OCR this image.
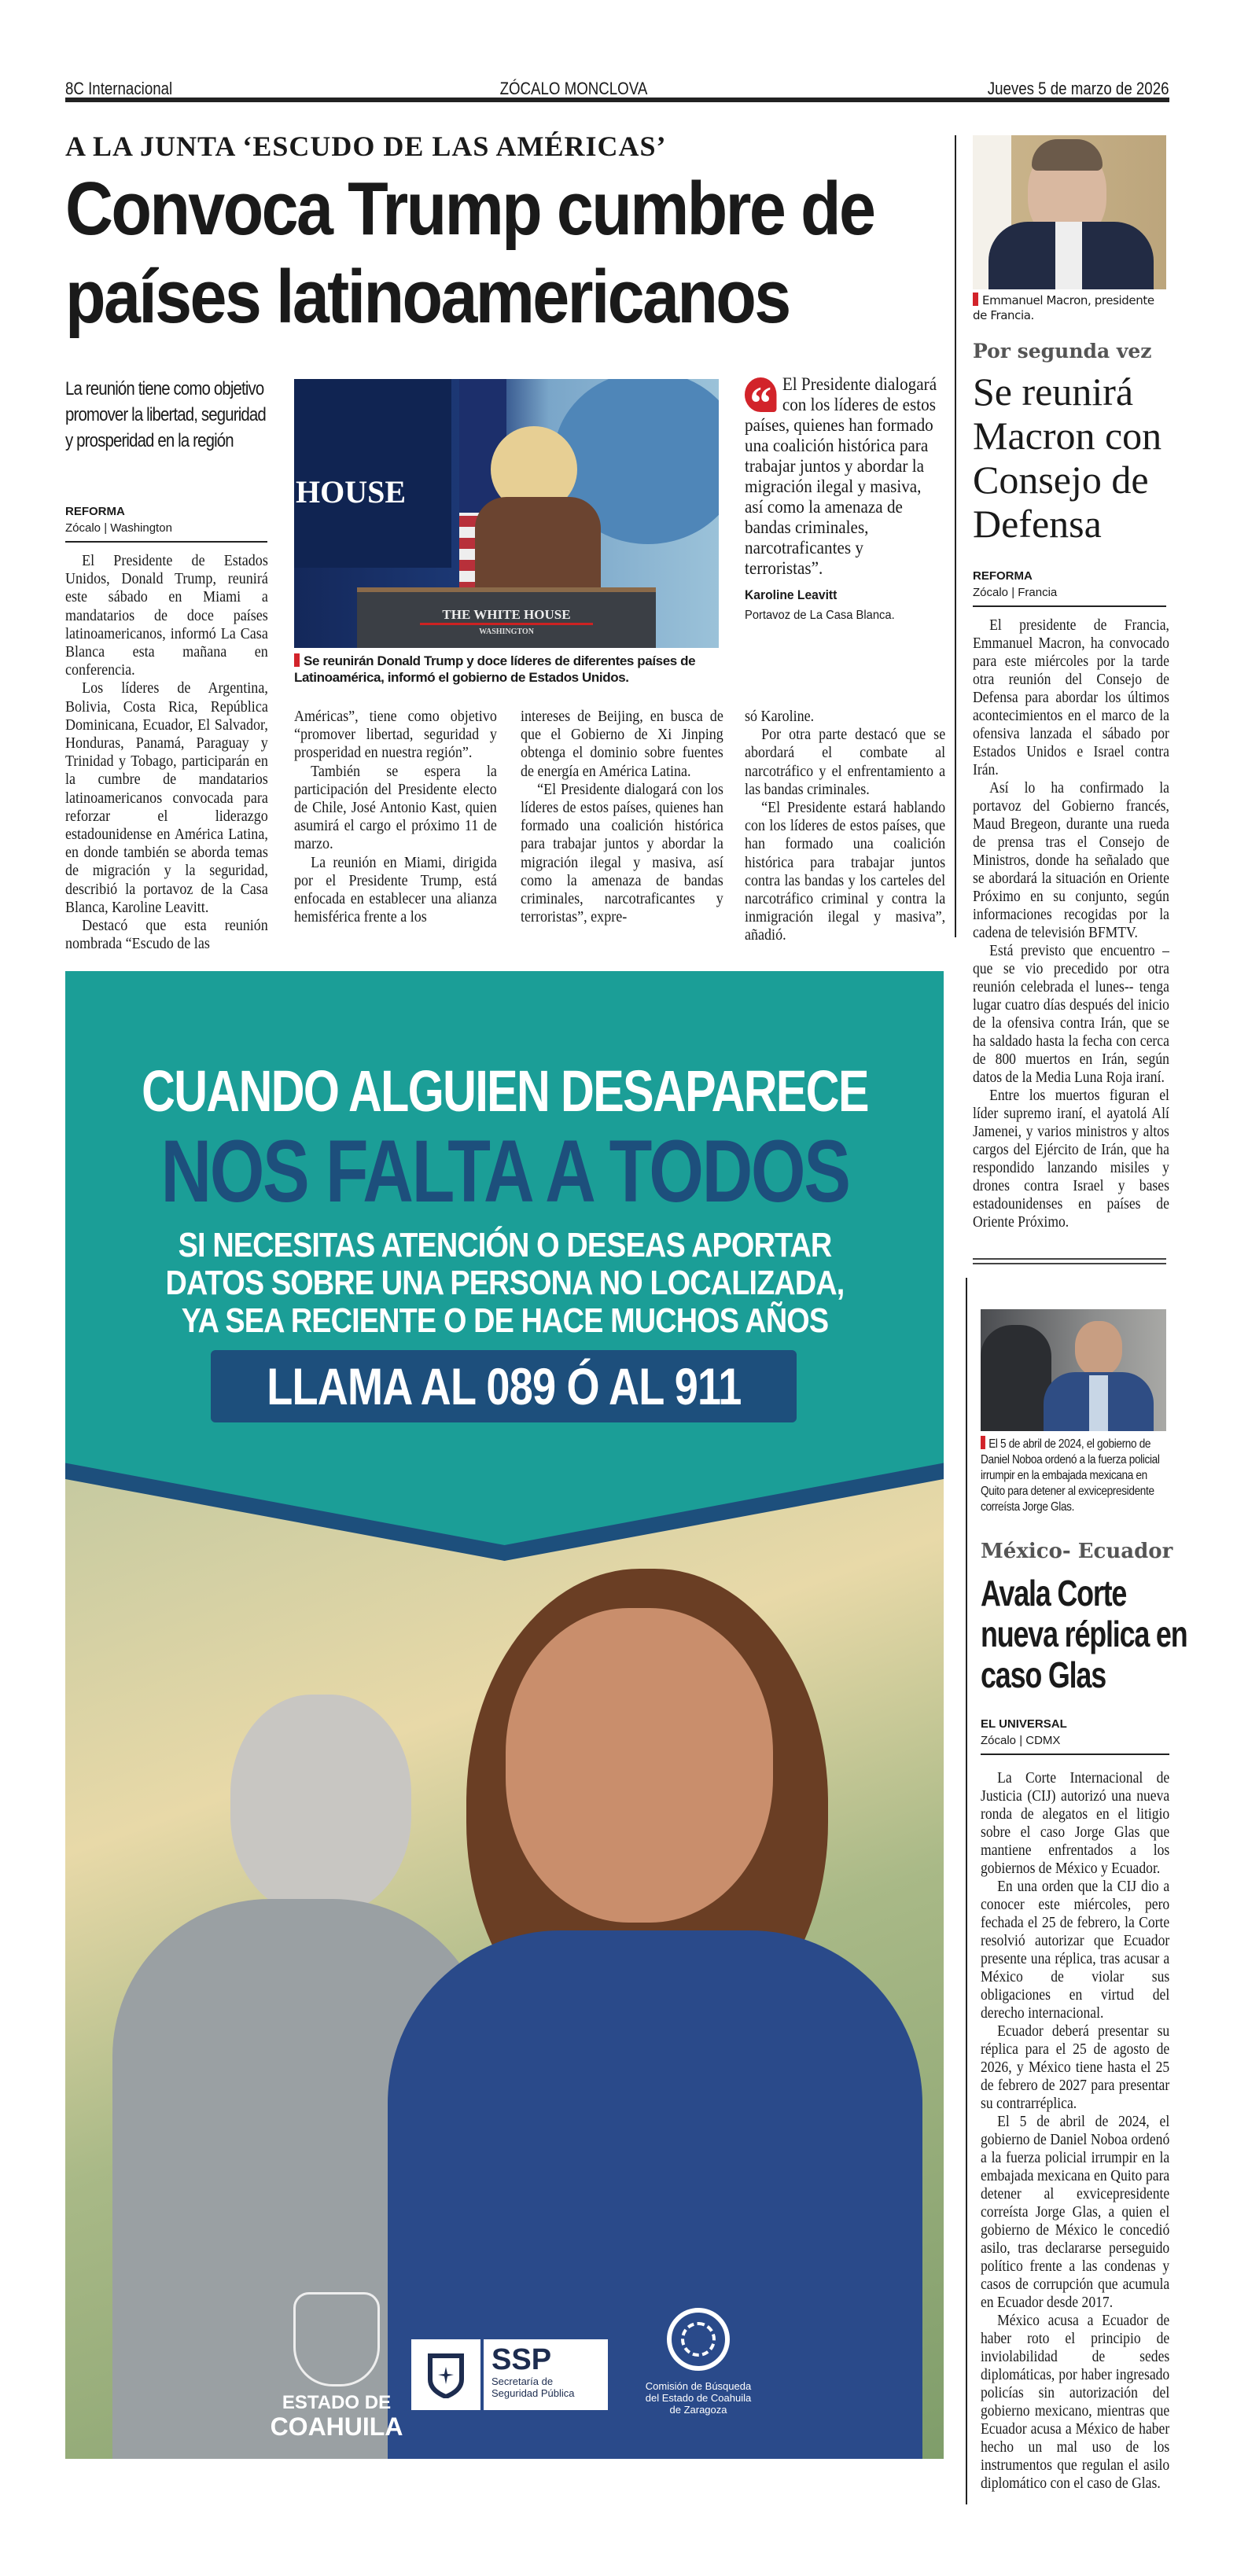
8C Internacional	ZÓCALO MONCLOVA	Jueves 5 de marzo de 2026
A LA JUNTA ‘ESCUDO DE LAS AMÉRICAS’
Convoca Trump cumbre de
países latinoamericanos
La reunión tiene como objetivo promover la libertad, seguridad y prosperidad en la región
REFORMA
Zócalo | Washington

El Presidente de Estados Unidos, Donald Trump, reunirá este sábado en Miami a mandatarios de doce países latinoamericanos, informó La Casa Blanca esta mañana en conferencia.

Los líderes de Argentina, Bolivia, Costa Rica, República Dominicana, Ecuador, El Salvador, Honduras, Panamá, Paraguay y Trinidad y Tobago, participarán en la cumbre de mandatarios latinoamericanos convocada para reforzar el liderazgo estadounidense en América Latina, en donde también se aborda temas de migración y la seguridad, describió la portavoz de la Casa Blanca, Karoline Leavitt.

Destacó que esta reunión nombrada “Escudo de las

HOUSE
THE WHITE HOUSE
WASHINGTON
Se reunirán Donald Trump y doce líderes de diferentes países de Latinoamérica, informó el gobierno de Estados Unidos.
“ El Presidente dialogará con los líderes de estos países, quienes han formado una coalición histórica para trabajar juntos y abordar la migración ilegal y masiva, así como la amenaza de bandas criminales, narcotraficantes y terroristas”.
Karoline Leavitt
Portavoz de La Casa Blanca.

Américas”, tiene como objetivo “promover libertad, seguridad y prosperidad en nuestra región”.

También se espera la participación del Presidente electo de Chile, José Antonio Kast, quien asumirá el cargo el próximo 11 de marzo.

La reunión en Miami, dirigida por el Presidente Trump, está enfocada en establecer una alianza hemisférica frente a los

intereses de Beijing, en busca de que el Gobierno de Xi Jinping obtenga el dominio sobre fuentes de energía en América Latina.

“El Presidente dialogará con los líderes de estos países, quienes han formado una coalición histórica para trabajar juntos y abordar la migración ilegal y masiva, así como la amenaza de bandas criminales, narcotraficantes y terroristas”, expre-

só Karoline.

Por otra parte destacó que se abordará el combate al narcotráfico y el enfrentamiento a las bandas criminales.

“El Presidente estará hablando con los líderes de estos países, que han formado una coalición histórica para trabajar juntos contra las bandas y los carteles del narcotráfico criminal y contra la inmigración ilegal y masiva”, añadió.

Emmanuel Macron, presidente de Francia.
Por segunda vez
Se reunirá Macron con Consejo de Defensa
REFORMA
Zócalo | Francia

El presidente de Francia, Emmanuel Macron, ha convocado para este miércoles por la tarde otra reunión del Consejo de Defensa para abordar los últimos acontecimientos en el marco de la ofensiva lanzada el sábado por Estados Unidos e Israel contra Irán.

Así lo ha confirmado la portavoz del Gobierno francés, Maud Bregeon, durante una rueda de prensa tras el Consejo de Ministros, donde ha señalado que se abordará la situación en Oriente Próximo en su conjunto, según informaciones recogidas por la cadena de televisión BFMTV.

Está previsto que encuentro –que se vio precedido por otra reunión celebrada el lunes-- tenga lugar cuatro días después del inicio de la ofensiva contra Irán, que se ha saldado hasta la fecha con cerca de 800 muertos en Irán, según datos de la Media Luna Roja iraní.

Entre los muertos figuran el líder supremo iraní, el ayatolá Alí Jamenei, y varios ministros y altos cargos del Ejército de Irán, que ha respondido lanzando misiles y drones contra Israel y bases estadounidenses en países de Oriente Próximo.

El 5 de abril de 2024, el gobierno de Daniel Noboa ordenó a la fuerza policial irrumpir en la embajada mexicana en Quito para detener al exvicepresidente correísta Jorge Glas.
México- Ecuador
Avala Corte nueva réplica en caso Glas
EL UNIVERSAL
Zócalo | CDMX

La Corte Internacional de Justicia (CIJ) autorizó una nueva ronda de alegatos en el litigio sobre el caso Jorge Glas que mantiene enfrentados a los gobiernos de México y Ecuador.

En una orden que la CIJ dio a conocer este miércoles, pero fechada el 25 de febrero, la Corte resolvió autorizar que Ecuador presente una réplica, tras acusar a México de violar sus obligaciones en virtud del derecho internacional.

Ecuador deberá presentar su réplica para el 25 de agosto de 2026, y México tiene hasta el 25 de febrero de 2027 para presentar su contrarréplica.

El 5 de abril de 2024, el gobierno de Daniel Noboa ordenó a la fuerza policial irrumpir en la embajada mexicana en Quito para detener al exvicepresidente correísta Jorge Glas, a quien el gobierno de México le concedió asilo, tras declararse perseguido político frente a las condenas y casos de corrupción que acumula en Ecuador desde 2017.

México acusa a Ecuador de haber roto el principio de inviolabilidad de sedes diplomáticas, por haber ingresado policías sin autorización del gobierno mexicano, mientras que Ecuador acusa a México de haber hecho un mal uso de los instrumentos que regulan el asilo diplomático con el caso de Glas.

CUANDO ALGUIEN DESAPARECE
NOS FALTA A TODOS
SI NECESITAS ATENCIÓN O DESEAS APORTAR
DATOS SOBRE UNA PERSONA NO LOCALIZADA,
YA SEA RECIENTE O DE HACE MUCHOS AÑOS
LLAMA AL 089 Ó AL 911
ESTADO DE
COAHUILA
SSP
Secretaría de
Seguridad Pública
Comisión de Búsqueda
del Estado de Coahuila
de Zaragoza
